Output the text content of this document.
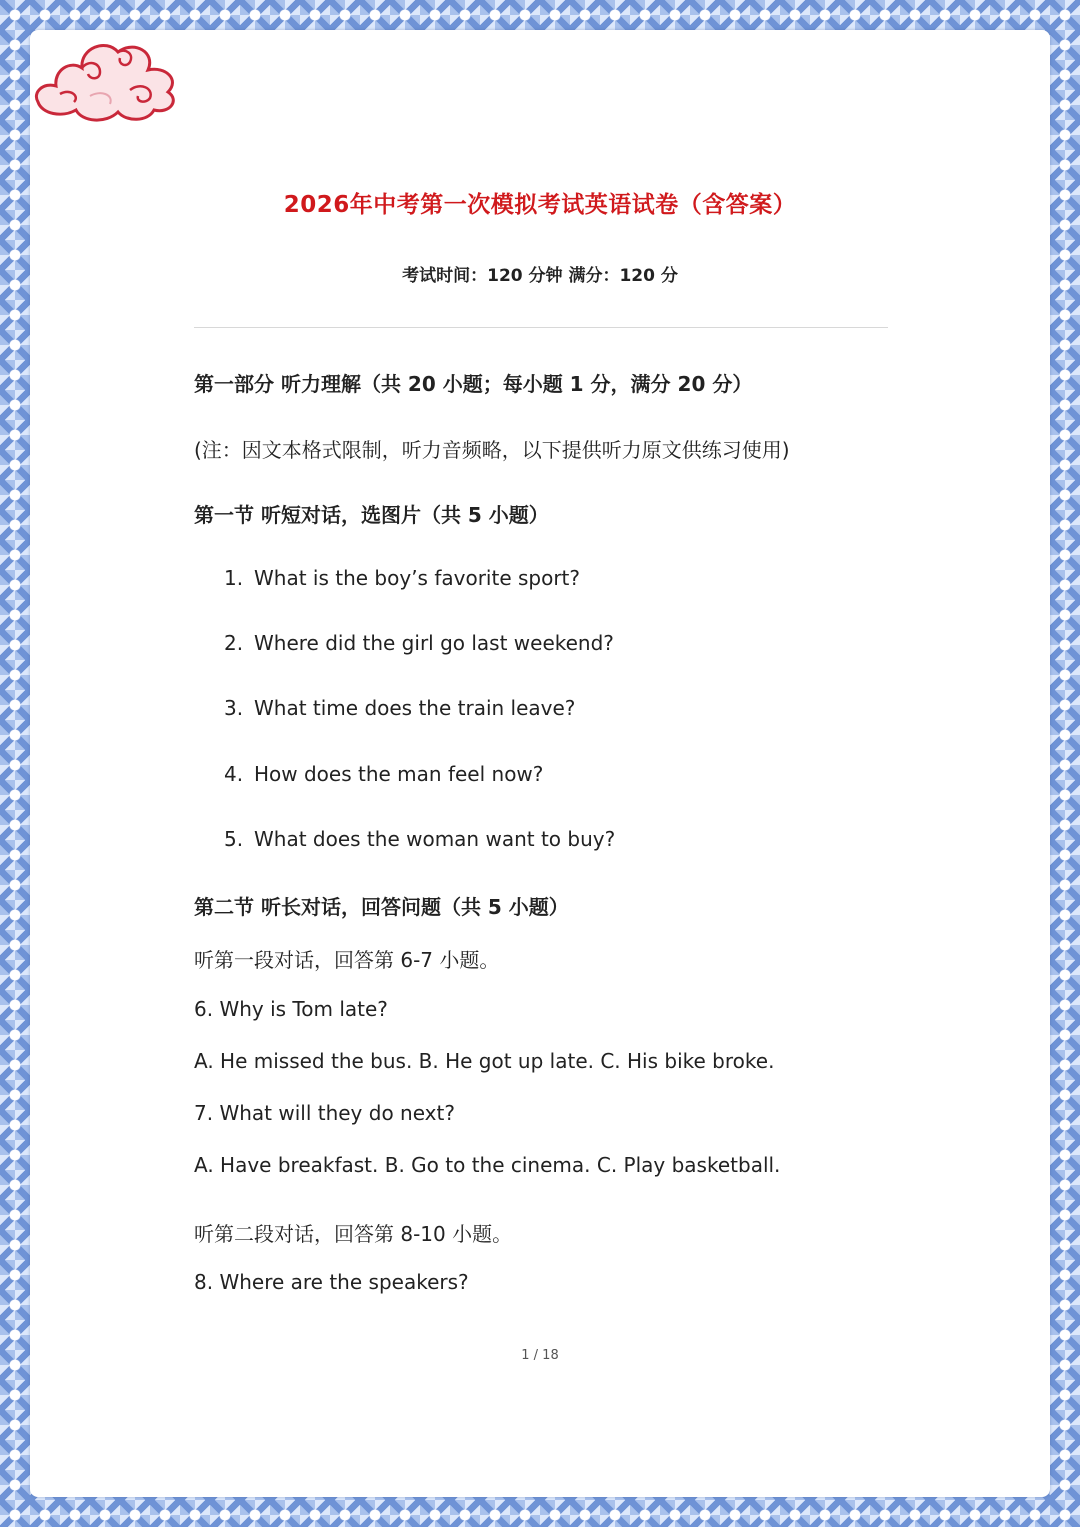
2026年中考第一次模拟考试英语试卷（含答案）
考试时间：120 分钟 满分：120 分
第一部分 听力理解（共 20 小题；每小题 1 分，满分 20 分）
(注：因文本格式限制，听力音频略，以下提供听力原文供练习使用)
第一节 听短对话，选图片（共 5 小题）
1. What is the boy’s favorite sport?
2. Where did the girl go last weekend?
3. What time does the train leave?
4. How does the man feel now?
5. What does the woman want to buy?
第二节 听长对话，回答问题（共 5 小题）
听第一段对话，回答第 6-7 小题。
6. Why is Tom late?
A. He missed the bus. B. He got up late. C. His bike broke.
7. What will they do next?
A. Have breakfast. B. Go to the cinema. C. Play basketball.
听第二段对话，回答第 8-10 小题。
8. Where are the speakers?
1 / 18
